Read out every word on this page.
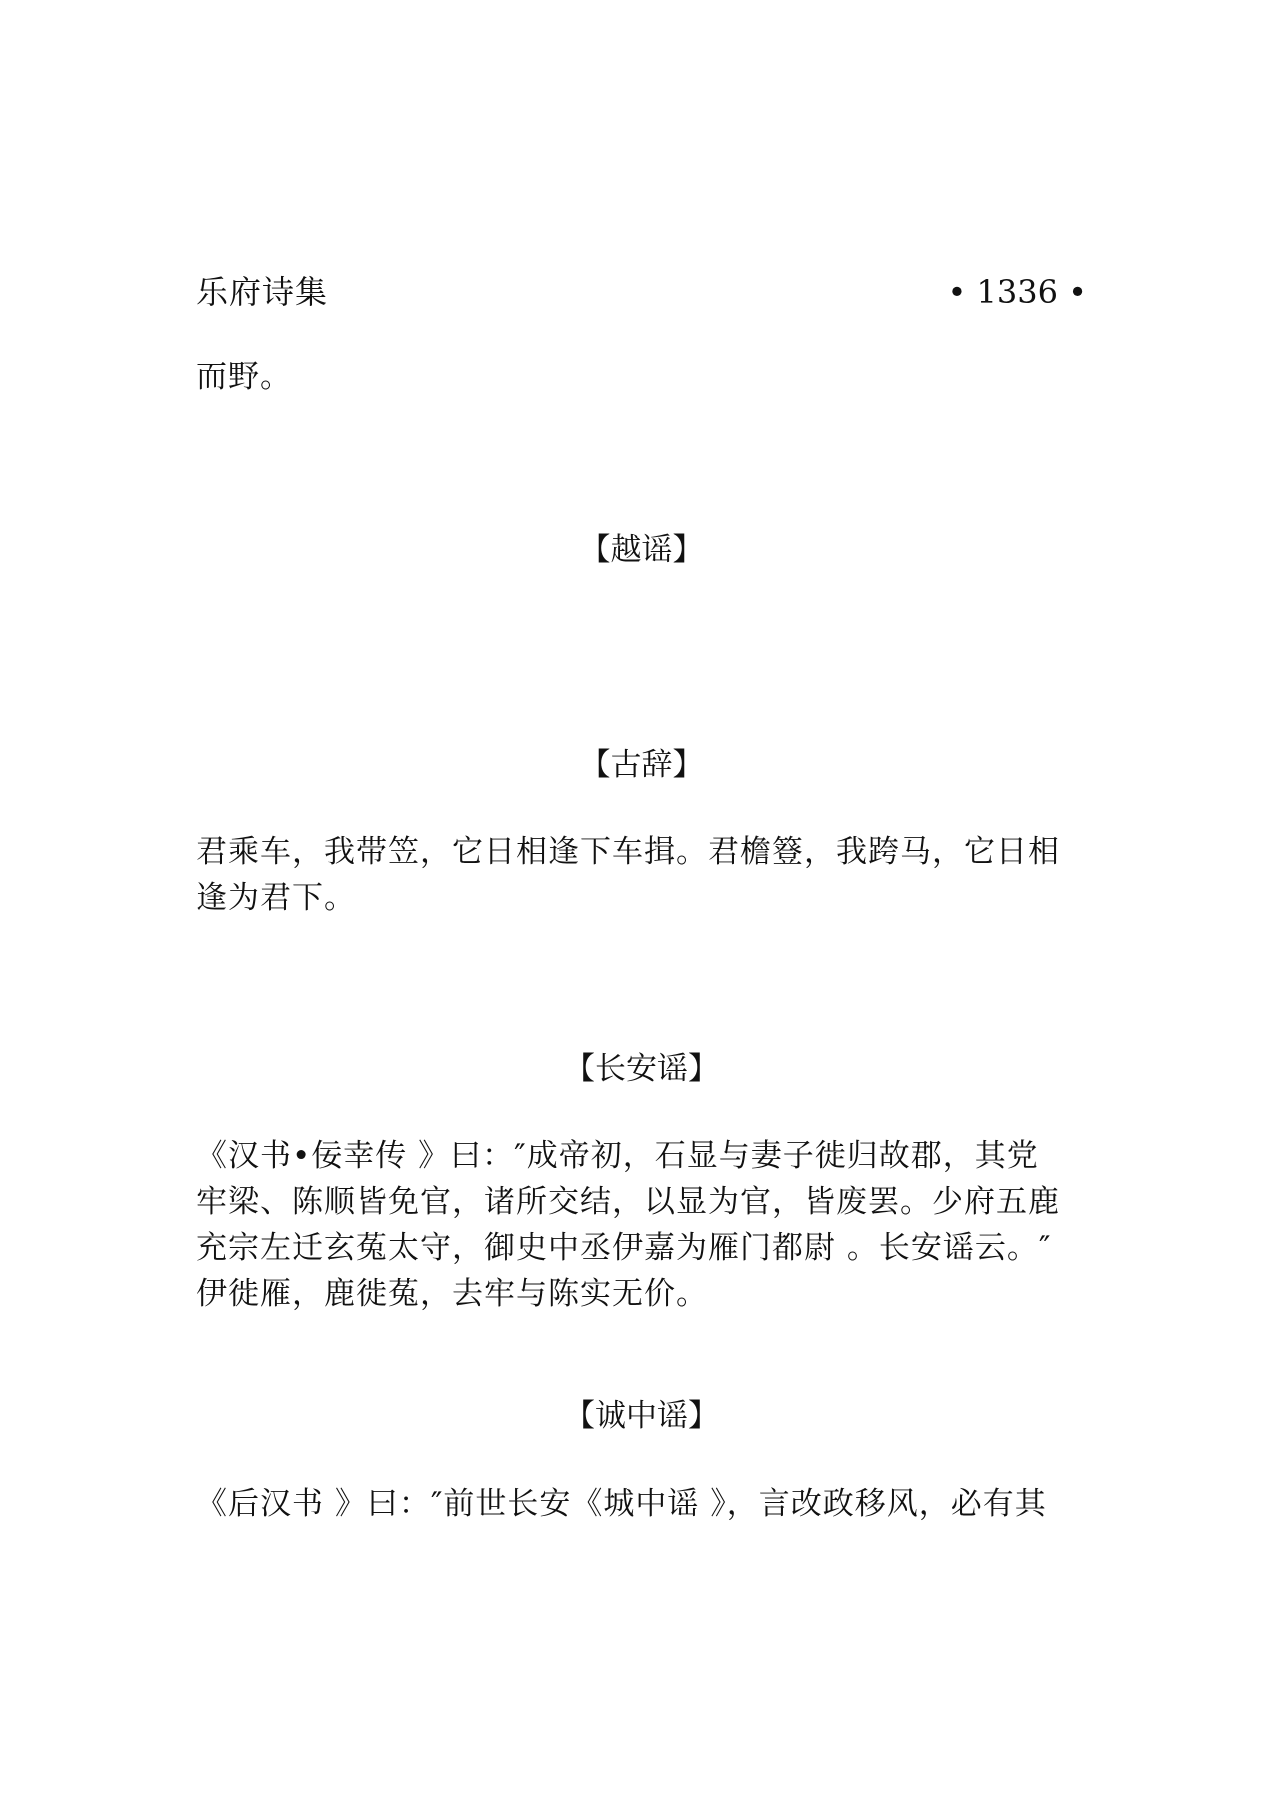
乐府诗集	• 1336 •
而野。
【越谣】
【古辞】
君乘车，我带笠，它日相逢下车揖。君檐簦，我跨马，它日相
逢为君下。
【长安谣】
《汉书•佞幸传 》曰：″成帝初，石显与妻子徙归故郡，其党
牢梁、陈顺皆免官，诸所交结，以显为官，皆废罢。少府五鹿
充宗左迁玄菟太守，御史中丞伊嘉为雁门都尉 。长安谣云。″
伊徙雁，鹿徙菟，去牢与陈实无价。
【诚中谣】
《后汉书 》曰：″前世长安《城中谣 》，言改政移风，必有其
